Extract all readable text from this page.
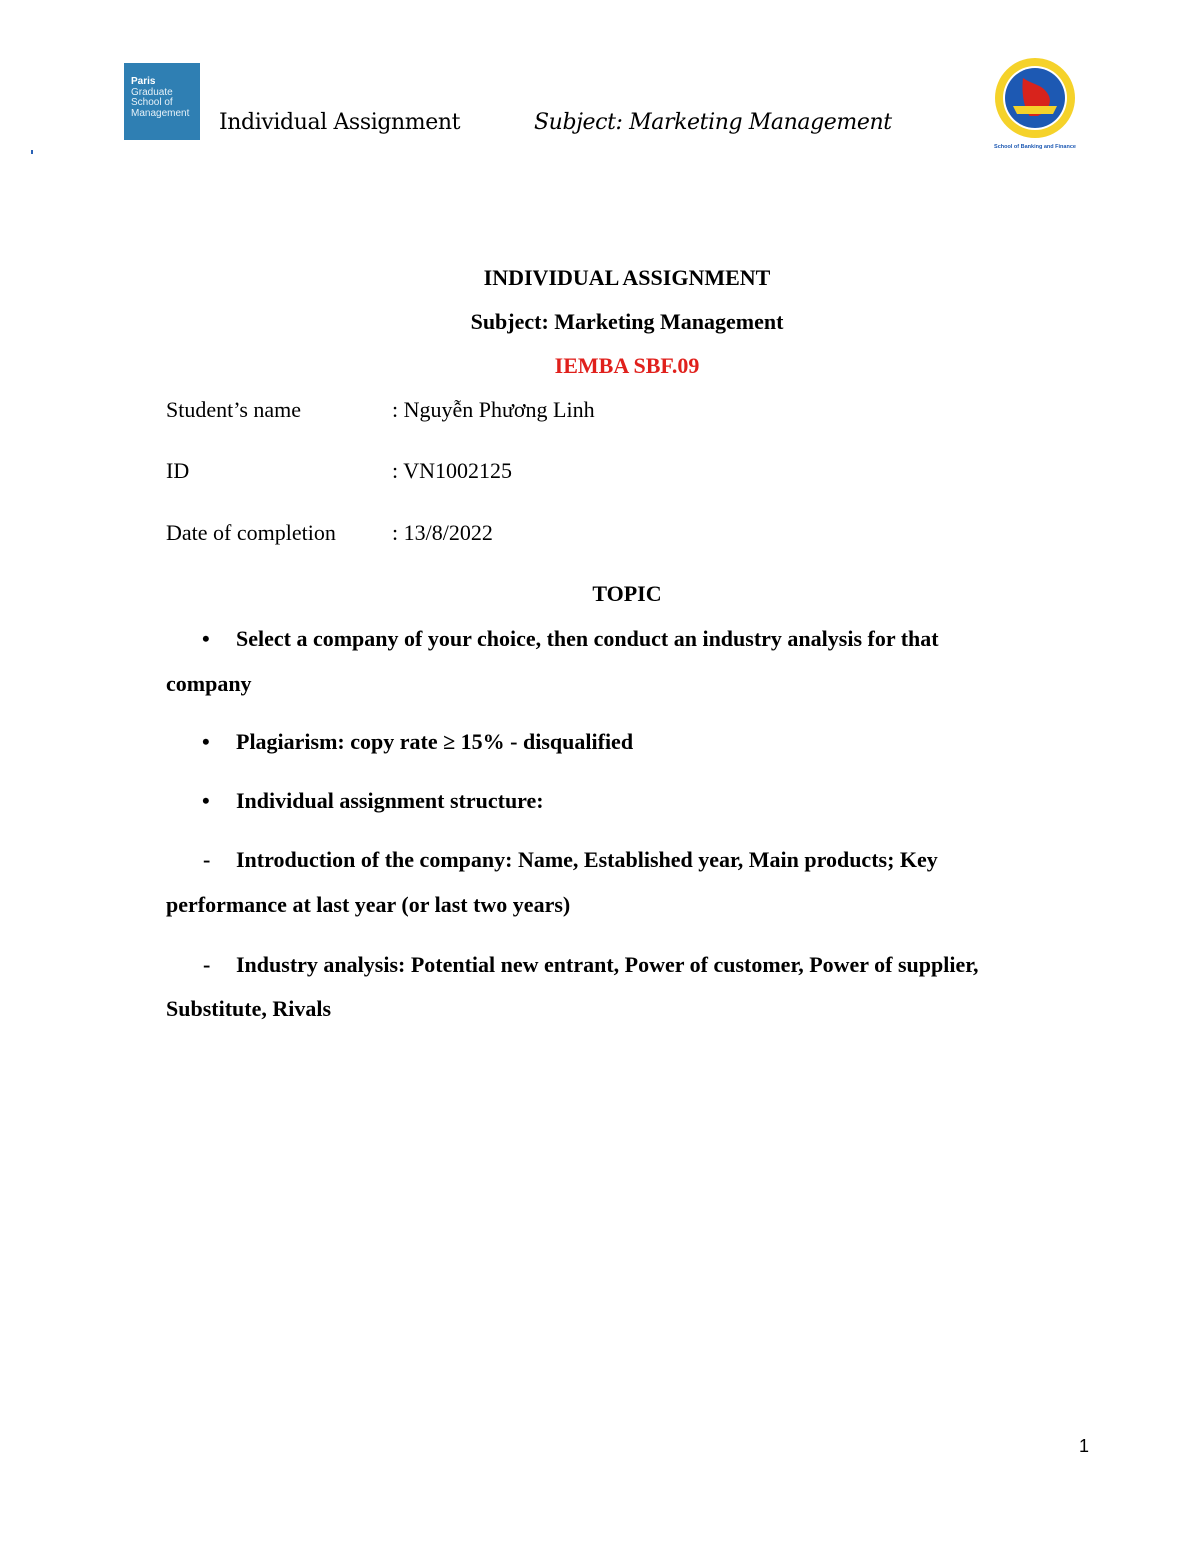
Paris
Graduate
School of
Management	Individual Assignment	Subject: Marketing Management
School of Banking and Finance
INDIVIDUAL ASSIGNMENT
Subject: Marketing Management
IEMBA SBF.09
Student’s name	: Nguyễn Phương Linh
ID	: VN1002125
Date of completion	: 13/8/2022
TOPIC
• Select a company of your choice, then conduct an industry analysis for that
company
• Plagiarism: copy rate ≥ 15% - disqualified
• Individual assignment structure:
- Introduction of the company: Name, Established year, Main products; Key
performance at last year (or last two years)
- Industry analysis: Potential new entrant, Power of customer, Power of supplier,
Substitute, Rivals
1
